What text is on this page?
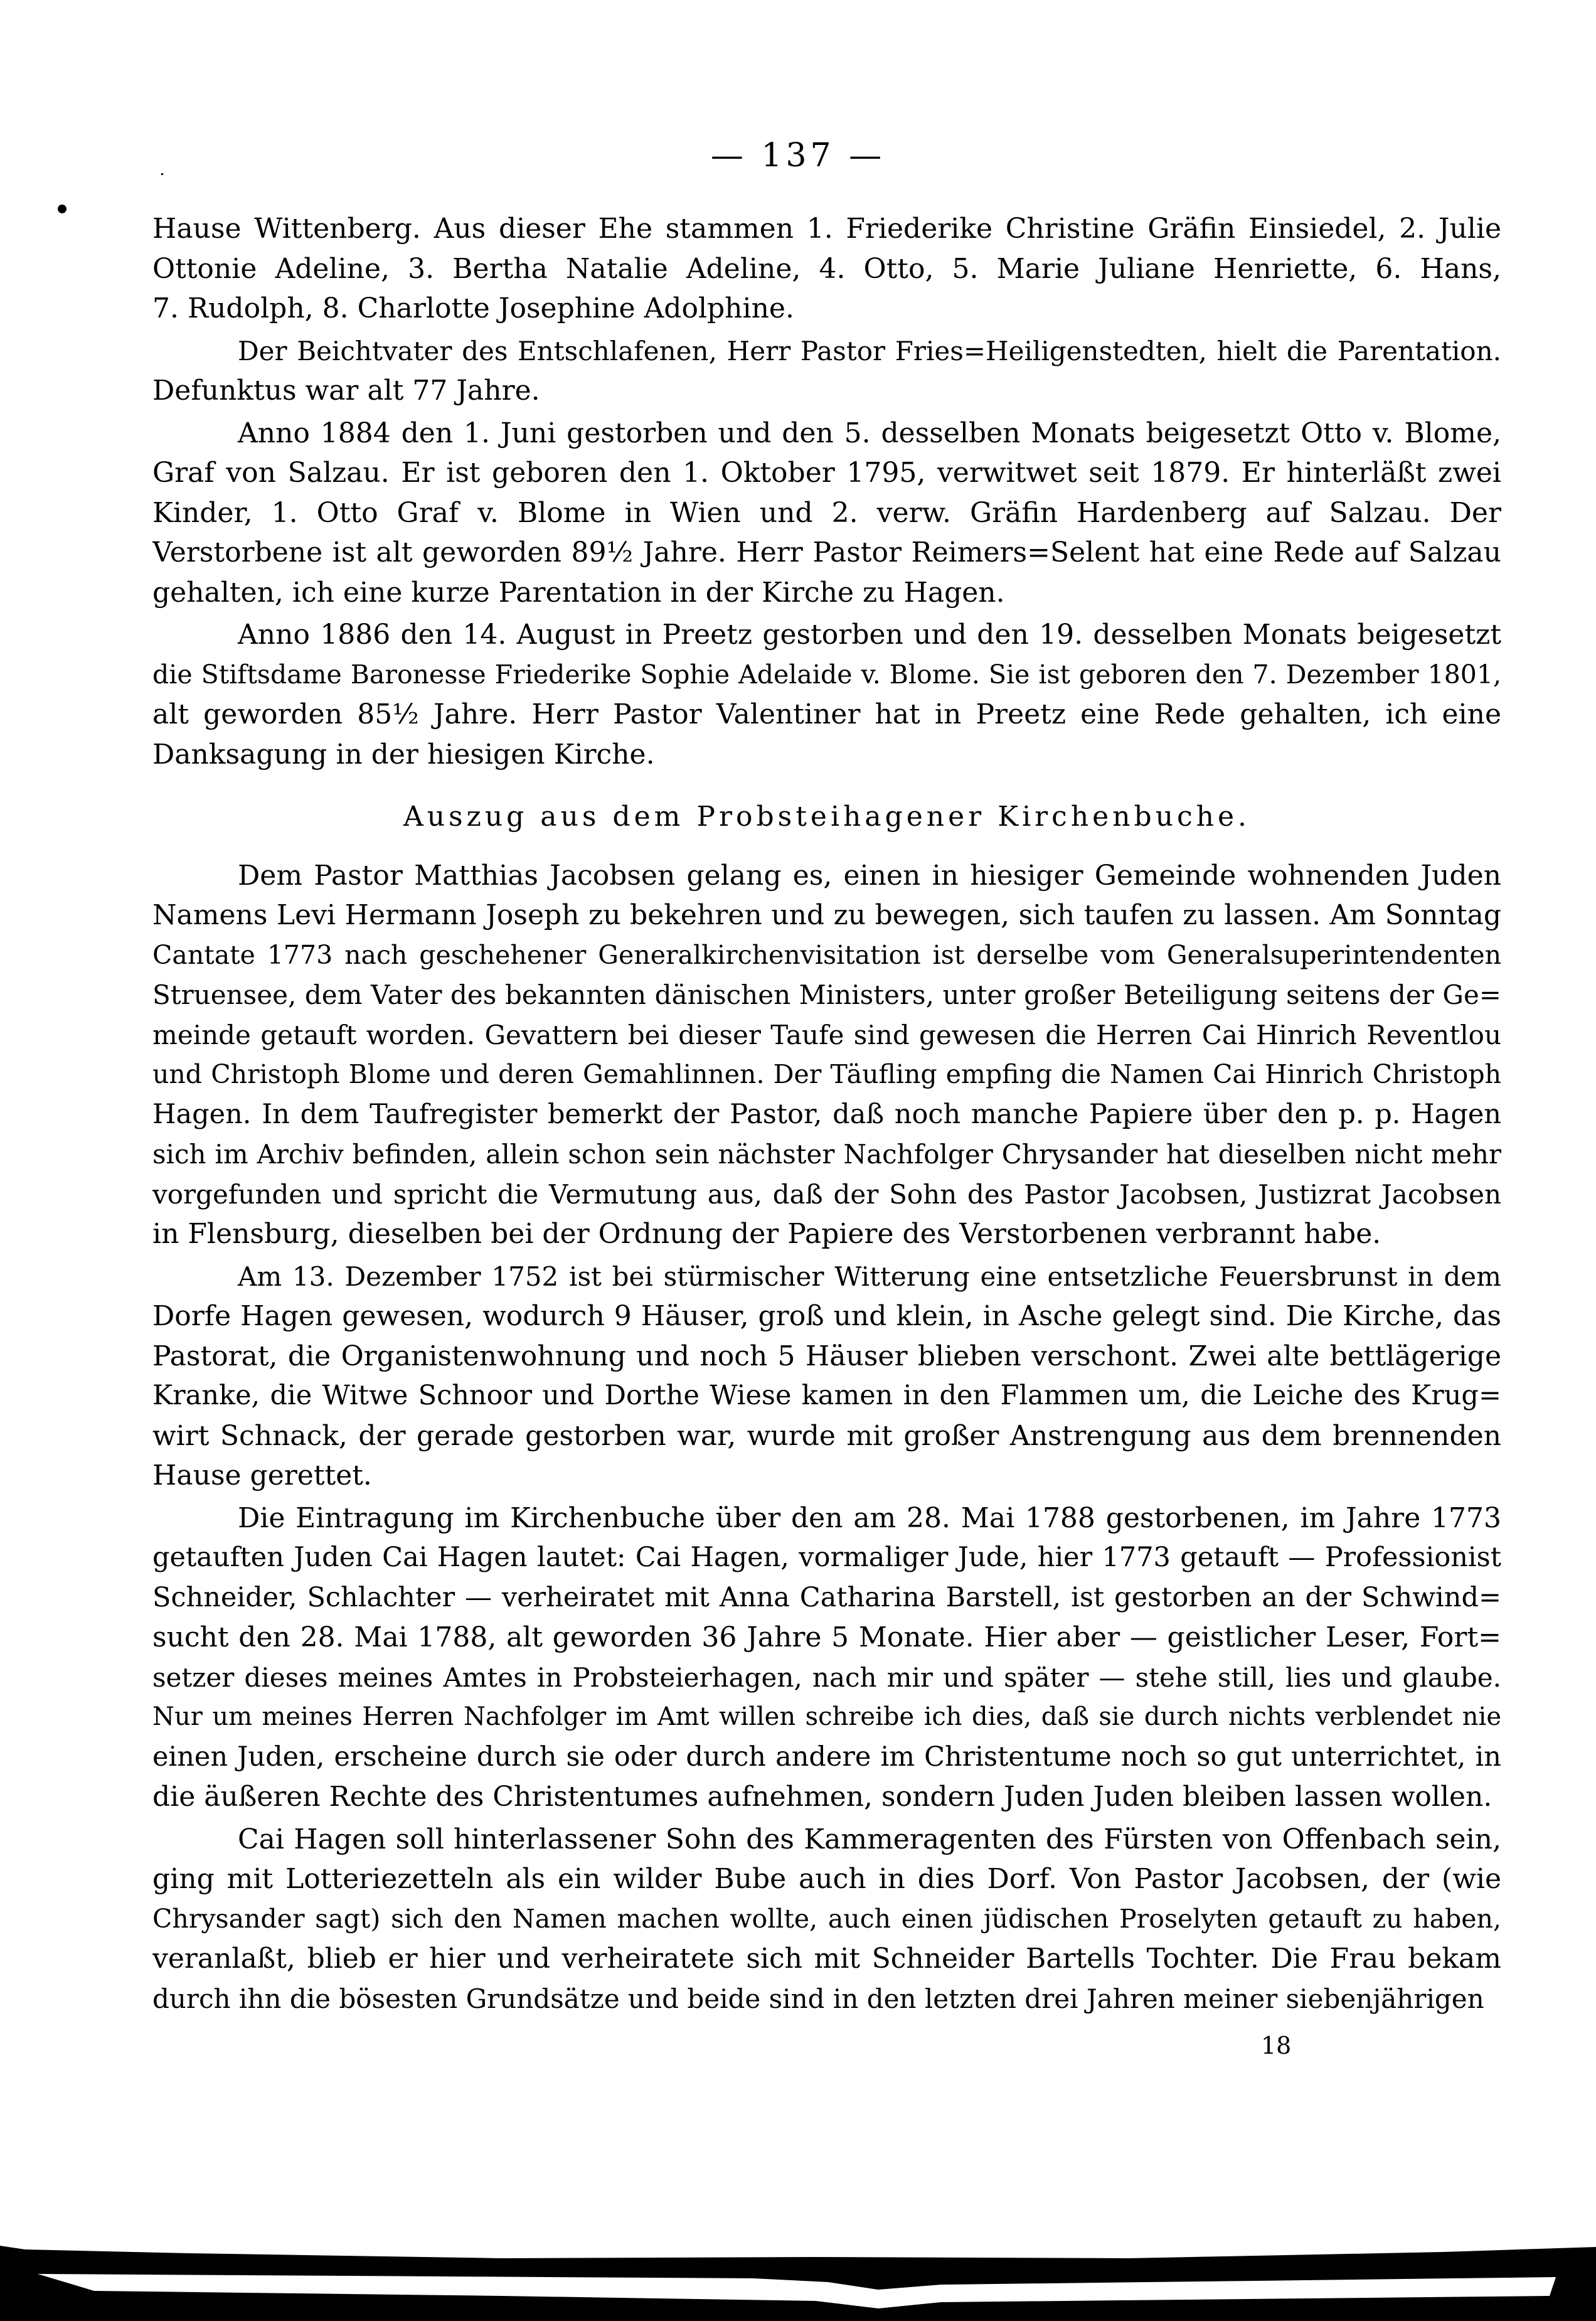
— 137 —
Hause Wittenberg. Aus dieser Ehe stammen 1. Friederike Christine Gräfin Einsiedel, 2. Julie
Ottonie Adeline, 3. Bertha Natalie Adeline, 4. Otto, 5. Marie Juliane Henriette, 6. Hans,
7. Rudolph, 8. Charlotte Josephine Adolphine.
Der Beichtvater des Entschlafenen, Herr Pastor Fries=Heiligenstedten, hielt die Parentation.
Defunktus war alt 77 Jahre.
Anno 1884 den 1. Juni gestorben und den 5. desselben Monats beigesetzt Otto v. Blome,
Graf von Salzau. Er ist geboren den 1. Oktober 1795, verwitwet seit 1879. Er hinterläßt zwei
Kinder, 1. Otto Graf v. Blome in Wien und 2. verw. Gräfin Hardenberg auf Salzau. Der
Verstorbene ist alt geworden 89½ Jahre. Herr Pastor Reimers=Selent hat eine Rede auf Salzau
gehalten, ich eine kurze Parentation in der Kirche zu Hagen.
Anno 1886 den 14. August in Preetz gestorben und den 19. desselben Monats beigesetzt
die Stiftsdame Baronesse Friederike Sophie Adelaide v. Blome. Sie ist geboren den 7. Dezember 1801,
alt geworden 85½ Jahre. Herr Pastor Valentiner hat in Preetz eine Rede gehalten, ich eine
Danksagung in der hiesigen Kirche.
Auszug aus dem Probsteihagener Kirchenbuche.
Dem Pastor Matthias Jacobsen gelang es, einen in hiesiger Gemeinde wohnenden Juden
Namens Levi Hermann Joseph zu bekehren und zu bewegen, sich taufen zu lassen. Am Sonntag
Cantate 1773 nach geschehener Generalkirchenvisitation ist derselbe vom Generalsuperintendenten
Struensee, dem Vater des bekannten dänischen Ministers, unter großer Beteiligung seitens der Ge=
meinde getauft worden. Gevattern bei dieser Taufe sind gewesen die Herren Cai Hinrich Reventlou
und Christoph Blome und deren Gemahlinnen. Der Täufling empfing die Namen Cai Hinrich Christoph
Hagen. In dem Taufregister bemerkt der Pastor, daß noch manche Papiere über den p. p. Hagen
sich im Archiv befinden, allein schon sein nächster Nachfolger Chrysander hat dieselben nicht mehr
vorgefunden und spricht die Vermutung aus, daß der Sohn des Pastor Jacobsen, Justizrat Jacobsen
in Flensburg, dieselben bei der Ordnung der Papiere des Verstorbenen verbrannt habe.
Am 13. Dezember 1752 ist bei stürmischer Witterung eine entsetzliche Feuersbrunst in dem
Dorfe Hagen gewesen, wodurch 9 Häuser, groß und klein, in Asche gelegt sind. Die Kirche, das
Pastorat, die Organistenwohnung und noch 5 Häuser blieben verschont. Zwei alte bettlägerige
Kranke, die Witwe Schnoor und Dorthe Wiese kamen in den Flammen um, die Leiche des Krug=
wirt Schnack, der gerade gestorben war, wurde mit großer Anstrengung aus dem brennenden
Hause gerettet.
Die Eintragung im Kirchenbuche über den am 28. Mai 1788 gestorbenen, im Jahre 1773
getauften Juden Cai Hagen lautet: Cai Hagen, vormaliger Jude, hier 1773 getauft — Professionist
Schneider, Schlachter — verheiratet mit Anna Catharina Barstell, ist gestorben an der Schwind=
sucht den 28. Mai 1788, alt geworden 36 Jahre 5 Monate. Hier aber — geistlicher Leser, Fort=
setzer dieses meines Amtes in Probsteierhagen, nach mir und später — stehe still, lies und glaube.
Nur um meines Herren Nachfolger im Amt willen schreibe ich dies, daß sie durch nichts verblendet nie
einen Juden, erscheine durch sie oder durch andere im Christentume noch so gut unterrichtet, in
die äußeren Rechte des Christentumes aufnehmen, sondern Juden Juden bleiben lassen wollen.
Cai Hagen soll hinterlassener Sohn des Kammeragenten des Fürsten von Offenbach sein,
ging mit Lotteriezetteln als ein wilder Bube auch in dies Dorf. Von Pastor Jacobsen, der (wie
Chrysander sagt) sich den Namen machen wollte, auch einen jüdischen Proselyten getauft zu haben,
veranlaßt, blieb er hier und verheiratete sich mit Schneider Bartells Tochter. Die Frau bekam
durch ihn die bösesten Grundsätze und beide sind in den letzten drei Jahren meiner siebenjährigen
18
